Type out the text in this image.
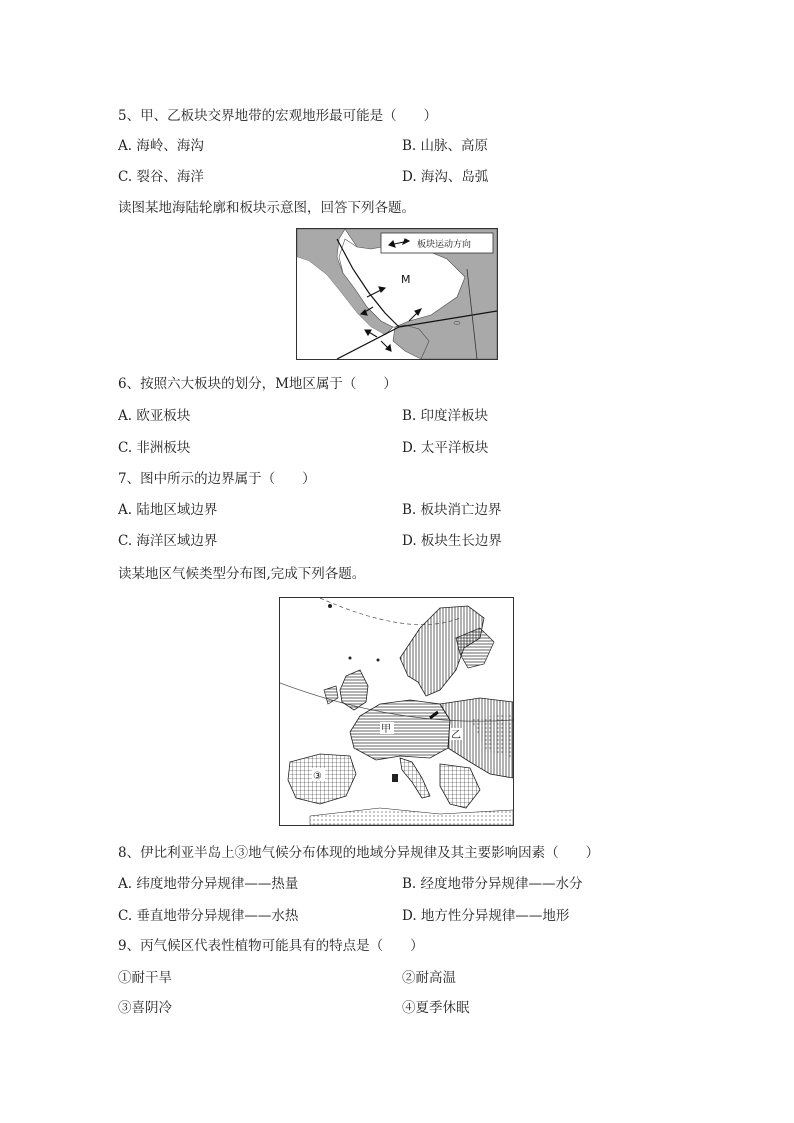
5、甲、乙板块交界地带的宏观地形最可能是（　　）
A. 海岭、海沟	B. 山脉、高原
C. 裂谷、海洋	D. 海沟、岛弧
读图某地海陆轮廓和板块示意图，回答下列各题。
板块运动方向
M
6、按照六大板块的划分，M地区属于（　　）
A. 欧亚板块	B. 印度洋板块
C. 非洲板块	D. 太平洋板块
7、图中所示的边界属于（　　）
A. 陆地区域边界	B. 板块消亡边界
C. 海洋区域边界	D. 板块生长边界
读某地区气候类型分布图,完成下列各题。
甲
乙
③
8、伊比利亚半岛上③地气候分布体现的地域分异规律及其主要影响因素（　　）
A. 纬度地带分异规律——热量	B. 经度地带分异规律——水分
C. 垂直地带分异规律——水热	D. 地方性分异规律——地形
9、丙气候区代表性植物可能具有的特点是（　　）
①耐干旱	②耐高温
③喜阴冷	④夏季休眠
